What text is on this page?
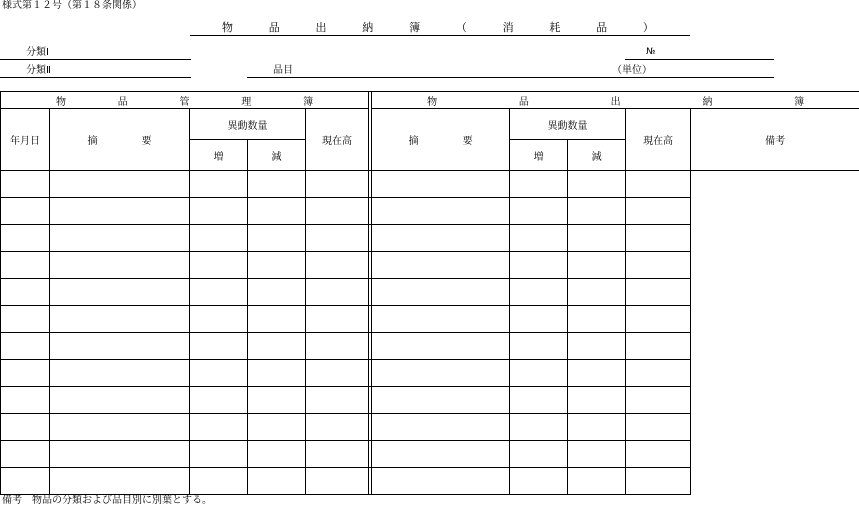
様式第１２号（第１８条関係）
物	品	出	納	簿	（	消	耗	品	）
分類Ⅰ
分類Ⅱ	品目
№
（単位）
物 品 管 理 簿						物 品 出 納 簿				

年月日	摘 要	異動数量		現在高		摘 要	異動数量		現在高	備考
		増	減				増	減		

備考　物品の分類および品目別に別葉とする。
